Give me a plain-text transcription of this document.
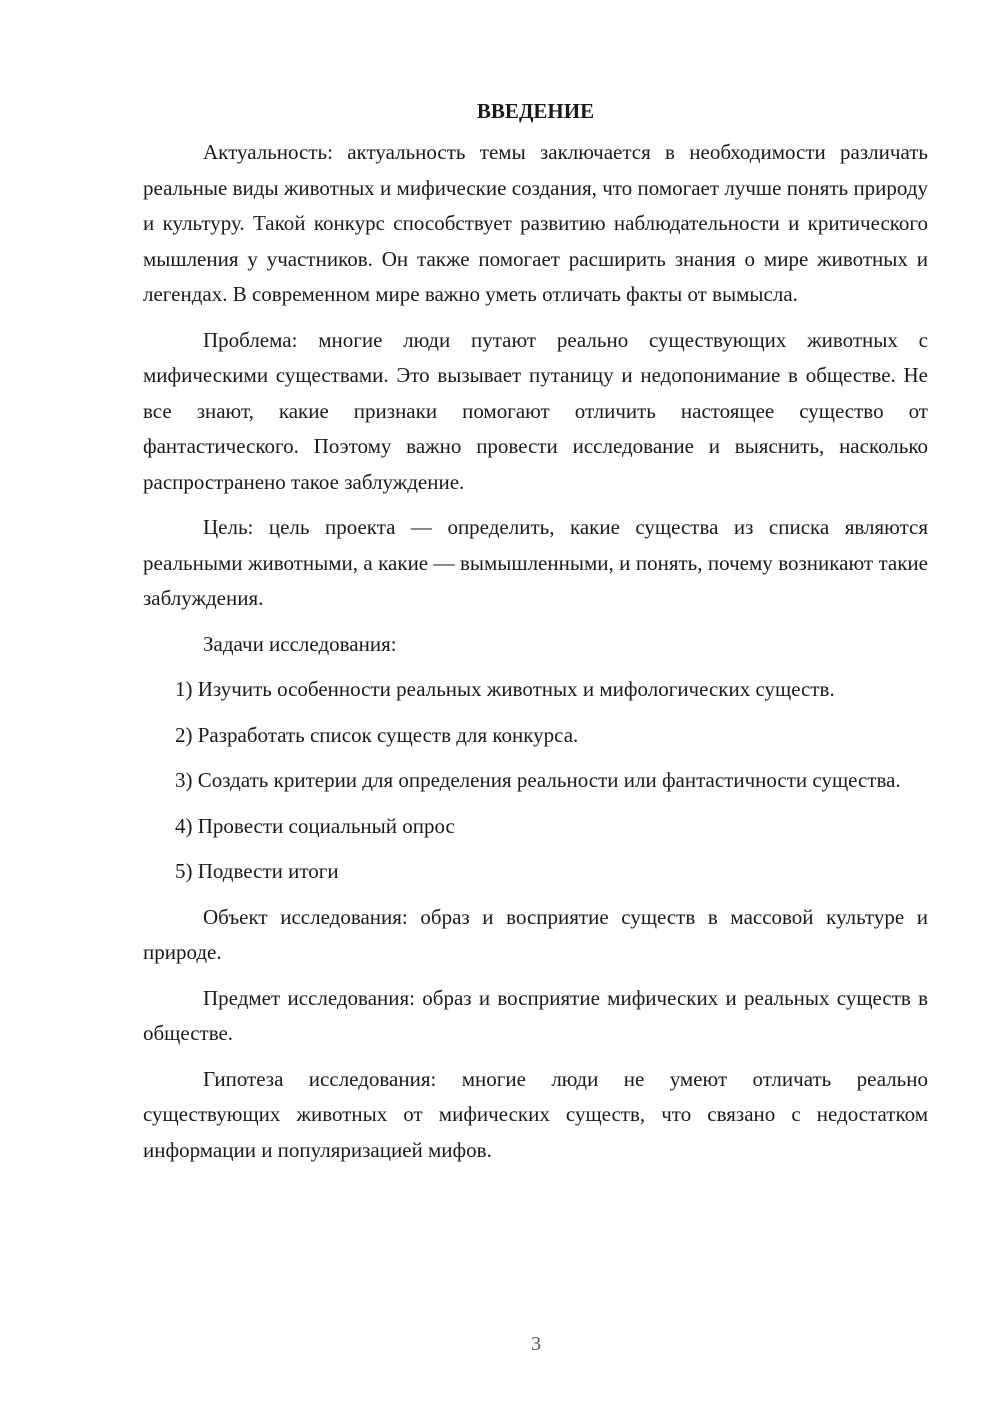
ВВЕДЕНИЕ

Актуальность: актуальность темы заключается в необходимости различать реальные виды животных и мифические создания, что помогает лучше понять природу и культуру. Такой конкурс способствует развитию наблюдательности и критического мышления у участников. Он также помогает расширить знания о мире животных и легендах. В современном мире важно уметь отличать факты от вымысла.

Проблема: многие люди путают реально существующих животных с мифическими существами. Это вызывает путаницу и недопонимание в обществе. Не все знают, какие признаки помогают отличить настоящее существо от фантастического. Поэтому важно провести исследование и выяснить, насколько распространено такое заблуждение.

Цель: цель проекта — определить, какие существа из списка являются реальными животными, а какие — вымышленными, и понять, почему возникают такие заблуждения.

Задачи исследования:

1) Изучить особенности реальных животных и мифологических существ.

2) Разработать список существ для конкурса.

3) Создать критерии для определения реальности или фантастичности существа.

4) Провести социальный опрос

5) Подвести итоги

Объект исследования: образ и восприятие существ в массовой культуре и природе.

Предмет исследования: образ и восприятие мифических и реальных существ в обществе.

Гипотеза исследования: многие люди не умеют отличать реально существующих животных от мифических существ, что связано с недостатком информации и популяризацией мифов.

3
